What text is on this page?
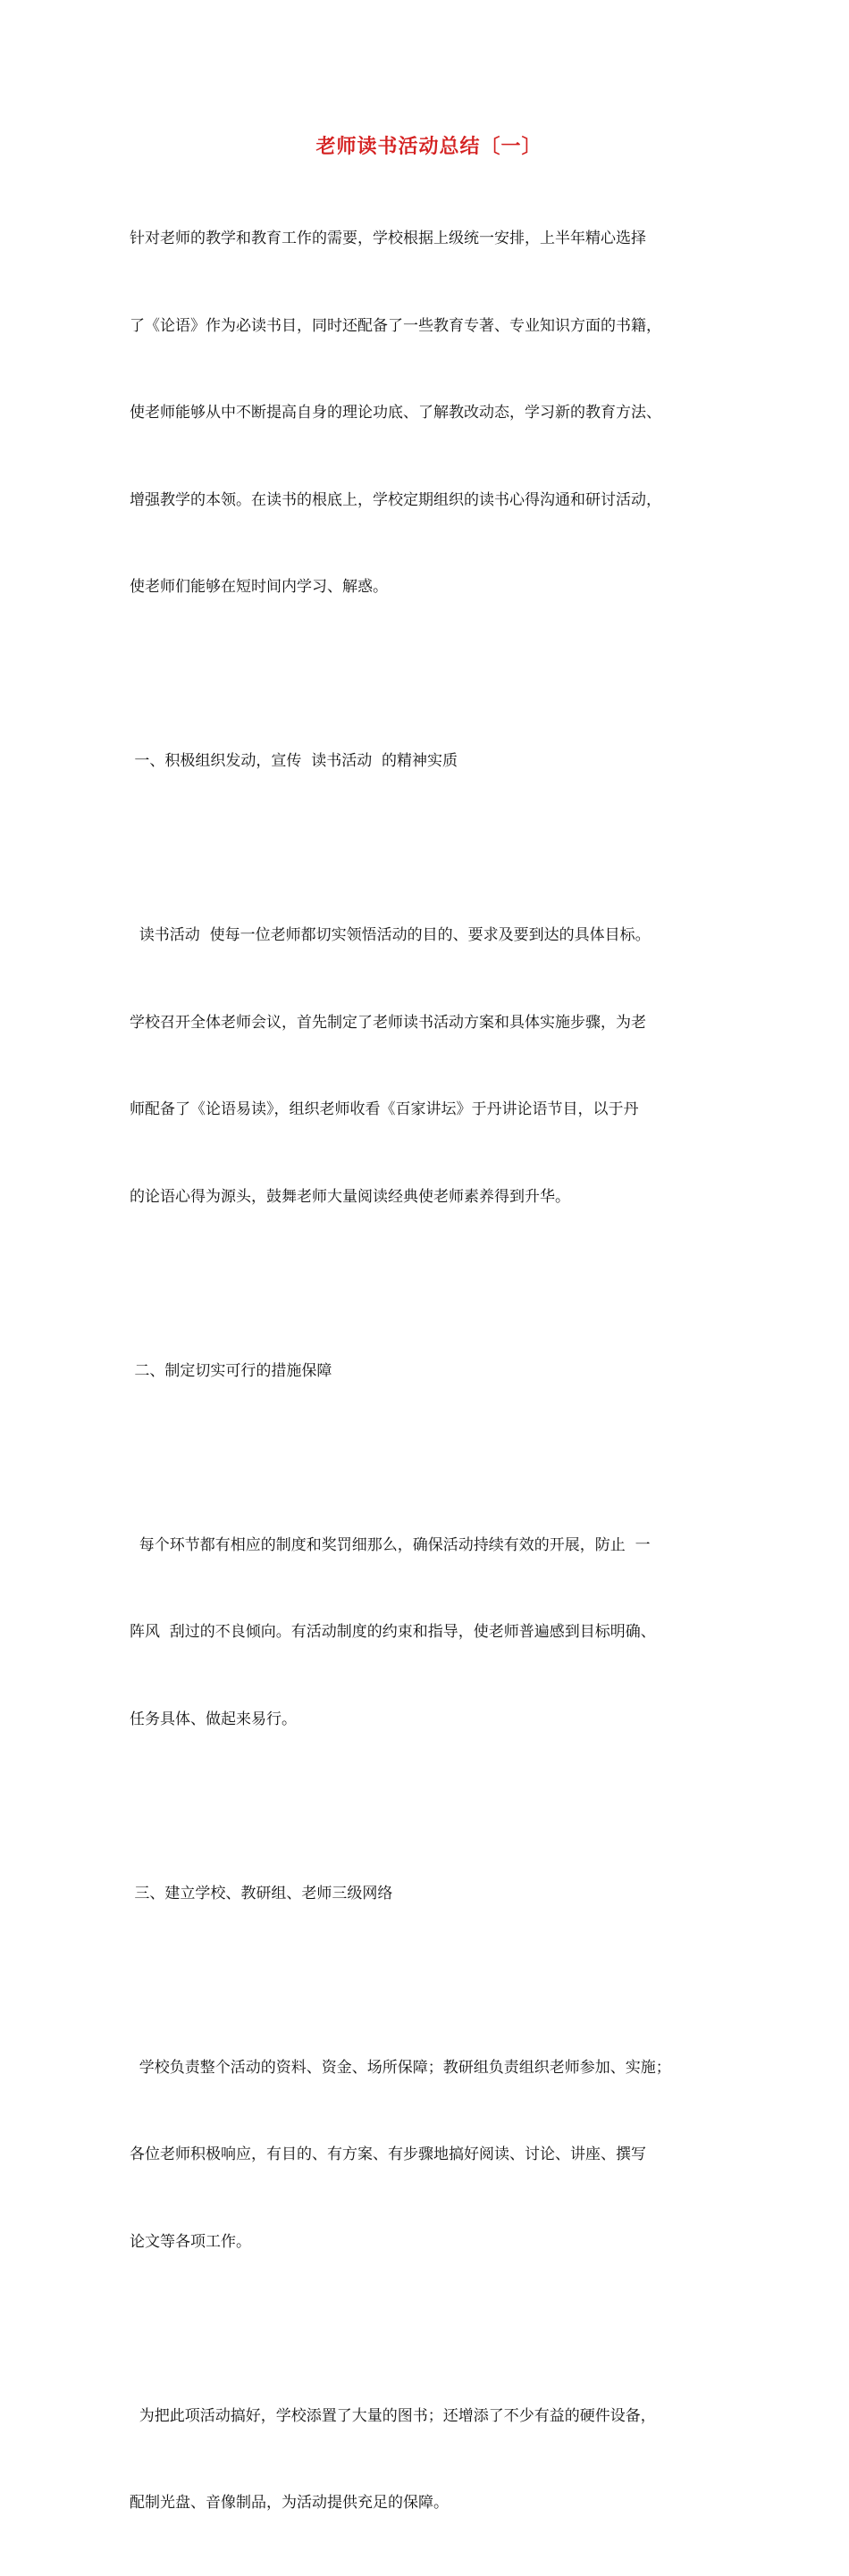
老师读书活动总结〔一〕

针对老师的教学和教育工作的需要，学校根据上级统一安排，上半年精心选择

了《论语》作为必读书目，同时还配备了一些教育专著、专业知识方面的书籍，

使老师能够从中不断提高自身的理论功底、了解教改动态，学习新的教育方法、

增强教学的本领。在读书的根底上，学校定期组织的读书心得沟通和研讨活动，

使老师们能够在短时间内学习、解惑。

一、积极组织发动，宣传  读书活动  的精神实质

读书活动  使每一位老师都切实领悟活动的目的、要求及要到达的具体目标。

学校召开全体老师会议，首先制定了老师读书活动方案和具体实施步骤，为老

师配备了《论语易读》，组织老师收看《百家讲坛》于丹讲论语节目，以于丹

的论语心得为源头，鼓舞老师大量阅读经典使老师素养得到升华。

二、制定切实可行的措施保障

每个环节都有相应的制度和奖罚细那么，确保活动持续有效的开展，防止  一

阵风  刮过的不良倾向。有活动制度的约束和指导，使老师普遍感到目标明确、

任务具体、做起来易行。

三、建立学校、教研组、老师三级网络

学校负责整个活动的资料、资金、场所保障；教研组负责组织老师参加、实施；

各位老师积极响应，有目的、有方案、有步骤地搞好阅读、讨论、讲座、撰写

论文等各项工作。

为把此项活动搞好，学校添置了大量的图书；还增添了不少有益的硬件设备，

配制光盘、音像制品，为活动提供充足的保障。
